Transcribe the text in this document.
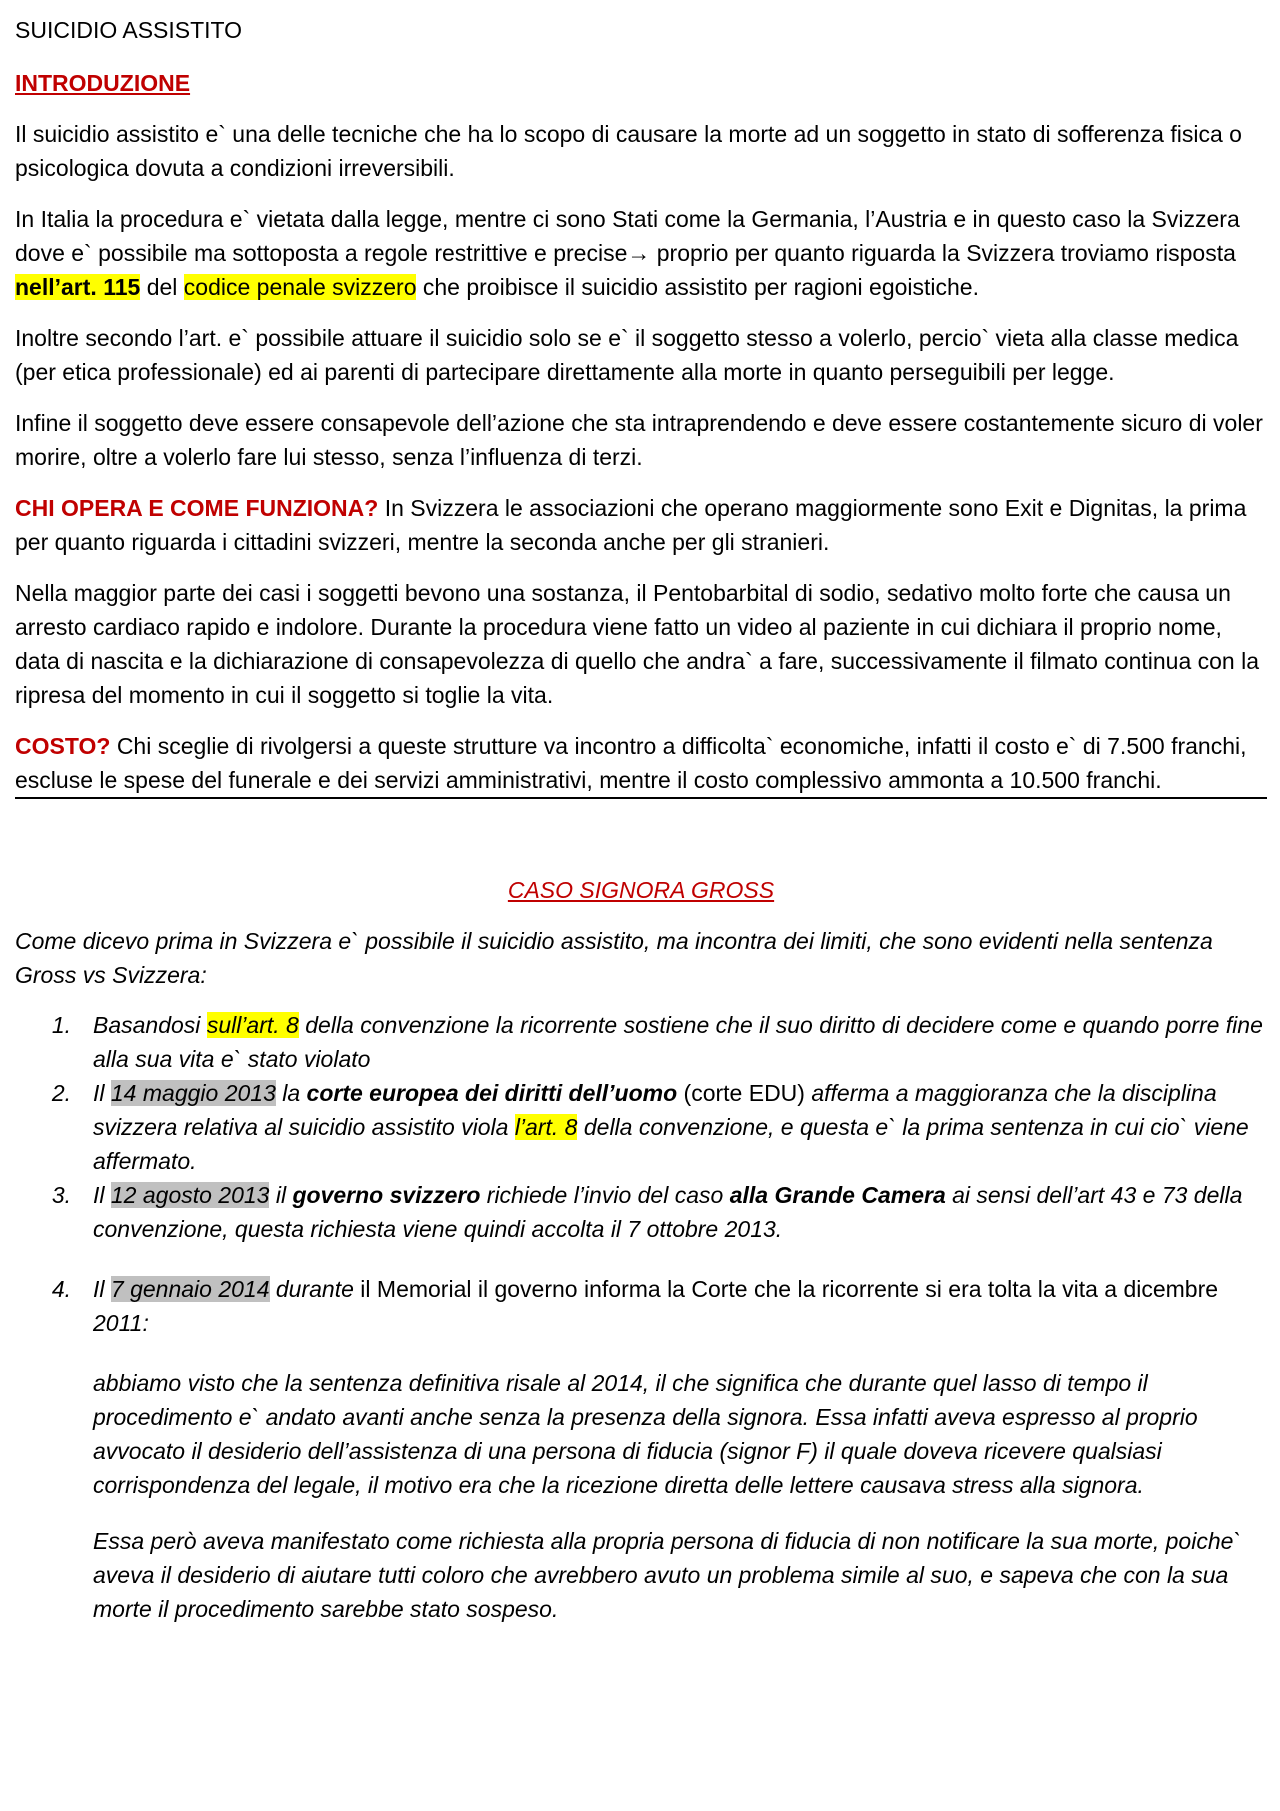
SUICIDIO ASSISTITO

INTRODUZIONE

Il suicidio assistito e` una delle tecniche che ha lo scopo di causare la morte ad un soggetto in stato di sofferenza fisica o psicologica dovuta a condizioni irreversibili.

In Italia la procedura e` vietata dalla legge, mentre ci sono Stati come la Germania, l’Austria e in questo caso la Svizzera dove e` possibile ma sottoposta a regole restrittive e precise→ proprio per quanto riguarda la Svizzera troviamo risposta nell’art. 115 del codice penale svizzero che proibisce il suicidio assistito per ragioni egoistiche.

Inoltre secondo l’art. e` possibile attuare il suicidio solo se e` il soggetto stesso a volerlo, percio` vieta alla classe medica (per etica professionale) ed ai parenti di partecipare direttamente alla morte in quanto perseguibili per legge.

Infine il soggetto deve essere consapevole dell’azione che sta intraprendendo e deve essere costantemente sicuro di voler morire, oltre a volerlo fare lui stesso, senza l’influenza di terzi.

CHI OPERA E COME FUNZIONA? In Svizzera le associazioni che operano maggiormente sono Exit e Dignitas, la prima per quanto riguarda i cittadini svizzeri, mentre la seconda anche per gli stranieri.

Nella maggior parte dei casi i soggetti bevono una sostanza, il Pentobarbital di sodio, sedativo molto forte che causa un arresto cardiaco rapido e indolore. Durante la procedura viene fatto un video al paziente in cui dichiara il proprio nome, data di nascita e la dichiarazione di consapevolezza di quello che andra` a fare, successivamente il filmato continua con la ripresa del momento in cui il soggetto si toglie la vita.

COSTO? Chi sceglie di rivolgersi a queste strutture va incontro a difficolta` economiche, infatti il costo e` di 7.500 franchi, escluse le spese del funerale e dei servizi amministrativi, mentre il costo complessivo ammonta a 10.500 franchi.

CASO SIGNORA GROSS

Come dicevo prima in Svizzera e` possibile il suicidio assistito, ma incontra dei limiti, che sono evidenti nella sentenza Gross vs Svizzera:

1. Basandosi sull’art. 8 della convenzione la ricorrente sostiene che il suo diritto di decidere come e quando porre fine alla sua vita e` stato violato
2. Il 14 maggio 2013 la corte europea dei diritti dell’uomo (corte EDU) afferma a maggioranza che la disciplina svizzera relativa al suicidio assistito viola l’art. 8 della convenzione, e questa e` la prima sentenza in cui cio` viene affermato.
3. Il 12 agosto 2013 il governo svizzero richiede l’invio del caso alla Grande Camera ai sensi dell’art 43 e 73 della convenzione, questa richiesta viene quindi accolta il 7 ottobre 2013.
4. Il 7 gennaio 2014 durante il Memorial il governo informa la Corte che la ricorrente si era tolta la vita a dicembre 2011:

abbiamo visto che la sentenza definitiva risale al 2014, il che significa che durante quel lasso di tempo il procedimento e` andato avanti anche senza la presenza della signora. Essa infatti aveva espresso al proprio avvocato il desiderio dell’assistenza di una persona di fiducia (signor F) il quale doveva ricevere qualsiasi corrispondenza del legale, il motivo era che la ricezione diretta delle lettere causava stress alla signora.

Essa però aveva manifestato come richiesta alla propria persona di fiducia di non notificare la sua morte, poiche` aveva il desiderio di aiutare tutti coloro che avrebbero avuto un problema simile al suo, e sapeva che con la sua morte il procedimento sarebbe stato sospeso.
